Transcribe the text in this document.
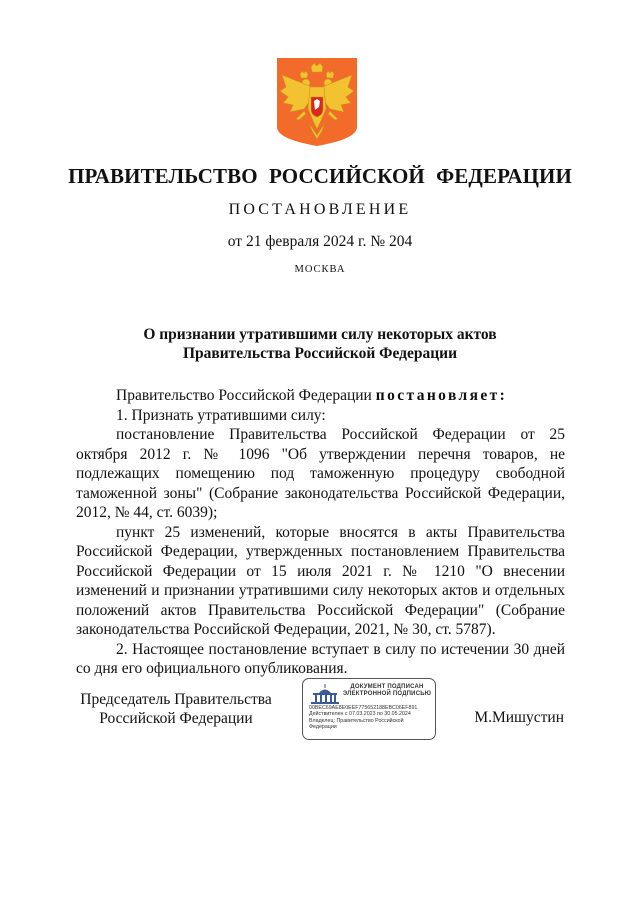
ПРАВИТЕЛЬСТВО РОССИЙСКОЙ ФЕДЕРАЦИИ
ПОСТАНОВЛЕНИЕ
от 21 февраля 2024 г. № 204
МОСКВА
О признании утратившими силу некоторых актов
Правительства Российской Федерации

Правительство Российской Федерации постановляет:

1. Признать утратившими силу:

постановление Правительства Российской Федерации от 25 октября 2012 г. № 1096 "Об утверждении перечня товаров, не подлежащих помещению под таможенную процедуру свободной таможенной зоны" (Собрание законодательства Российской Федерации, 2012, № 44, ст. 6039);

пункт 25 изменений, которые вносятся в акты Правительства Российской Федерации, утвержденных постановлением Правительства Российской Федерации от 15 июля 2021 г. № 1210 "О внесении изменений и признании утратившими силу некоторых актов и отдельных положений актов Правительства Российской Федерации" (Собрание законодательства Российской Федерации, 2021, № 30, ст. 5787).

2. Настоящее постановление вступает в силу по истечении 30 дней со дня его официального опубликования.

Председатель Правительства
Российской Федерации
ДОКУМЕНТ ПОДПИСАН
ЭЛЕКТРОННОЙ ПОДПИСЬЮ
00BEC69AE8E0EEF775652188EBC06EF891
Действителен с 07.03.2023 по 30.05.2024
Владелец: Правительство Российской
Федерации
М.Мишустин
